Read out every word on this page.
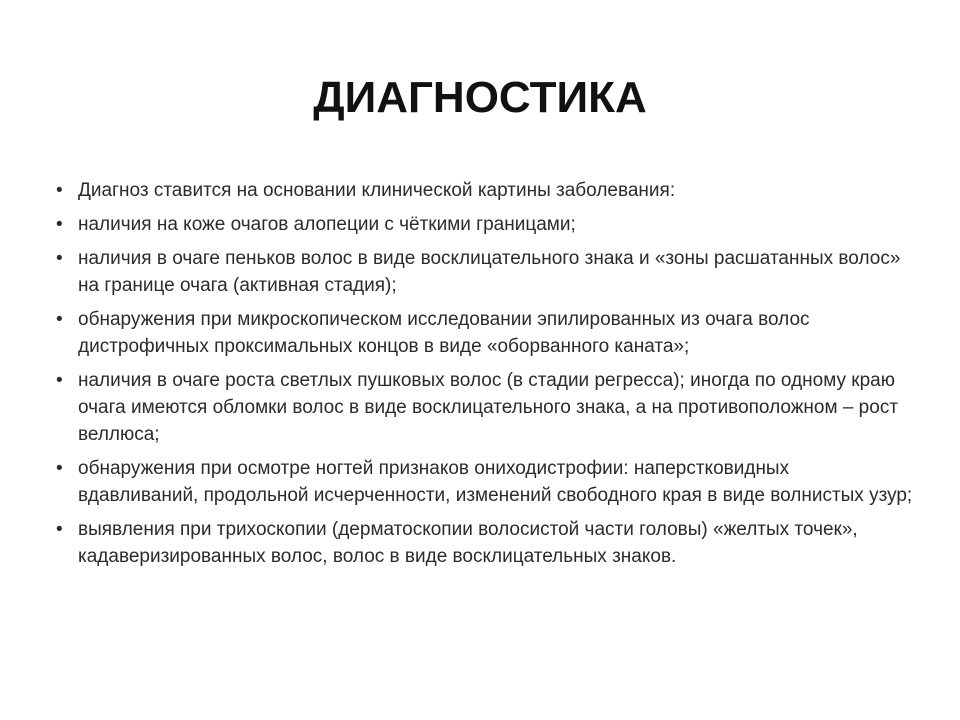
ДИАГНОСТИКА
• Диагноз ставится на основании клинической картины заболевания:
• наличия на коже очагов алопеции с чёткими границами;
• наличия в очаге пеньков волос в виде восклицательного знака и «зоны расшатанных волос» на границе очага (активная стадия);
• обнаружения при микроскопическом исследовании эпилированных из очага волос дистрофичных проксимальных концов в виде «оборванного каната»;
• наличия в очаге роста светлых пушковых волос (в стадии регресса); иногда по одному краю очага имеются обломки волос в виде восклицательного знака, а на противоположном – рост веллюса;
• обнаружения при осмотре ногтей признаков ониходистрофии: наперстковидных вдавливаний, продольной исчерченности, изменений свободного края в виде волнистых узур;
• выявления при трихоскопии (дерматоскопии волосистой части головы) «желтых точек», кадаверизированных волос, волос в виде восклицательных знаков.
